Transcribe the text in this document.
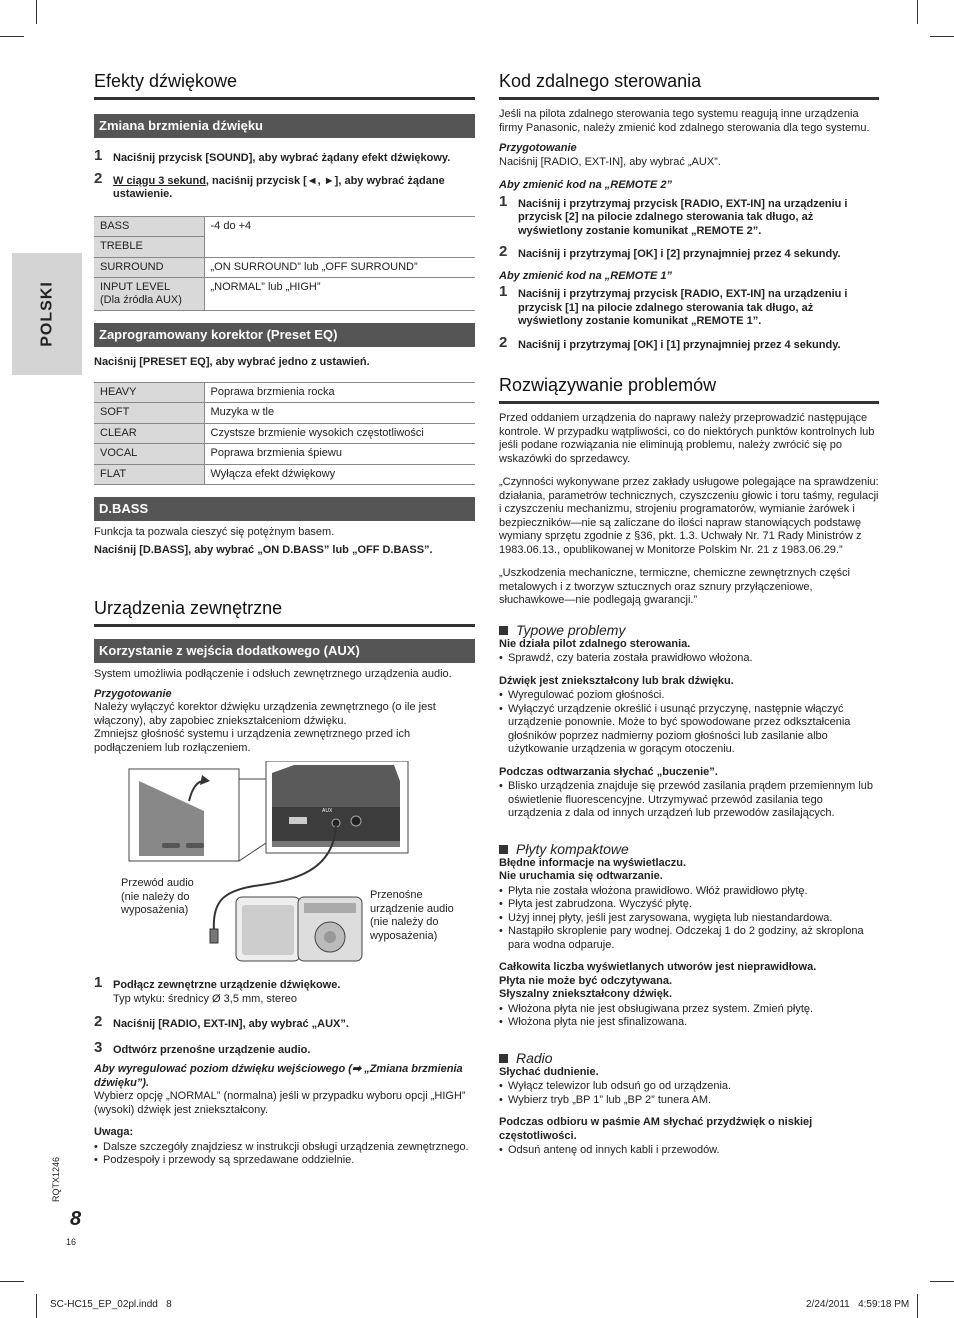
POLSKI
Efekty dźwiękowe
Zmiana brzmienia dźwięku
1 Naciśnij przycisk [SOUND], aby wybrać żądany efekt dźwiękowy.
2 W ciągu 3 sekund, naciśnij przycisk [◄, ►], aby wybrać żądane ustawienie.
BASS	-4 do +4
TREBLE	
SURROUND	„ON SURROUND” lub „OFF SURROUND”
INPUT LEVEL
(Dla źródła AUX)	„NORMAL” lub „HIGH”
Zaprogramowany korektor (Preset EQ)

Naciśnij [PRESET EQ], aby wybrać jedno z ustawień.

HEAVY	Poprawa brzmienia rocka
SOFT	Muzyka w tle
CLEAR	Czystsze brzmienie wysokich częstotliwości
VOCAL	Poprawa brzmienia śpiewu
FLAT	Wyłącza efekt dźwiękowy
D.BASS

Funkcja ta pozwala cieszyć się potężnym basem.

Naciśnij [D.BASS], aby wybrać „ON D.BASS” lub „OFF D.BASS”.

Urządzenia zewnętrzne
Korzystanie z wejścia dodatkowego (AUX)

System umożliwia podłączenie i odsłuch zewnętrznego urządzenia audio.

Przygotowanie

Należy wyłączyć korektor dźwięku urządzenia zewnętrznego (o ile jest włączony), aby zapobiec zniekształceniom dźwięku.

Zmniejsz głośność systemu i urządzenia zewnętrznego przed ich podłączeniem lub rozłączeniem.

AUX
Przewód audio
(nie należy do
wyposażenia)
Przenośne
urządzenie audio
(nie należy do
wyposażenia)
1 Podłącz zewnętrzne urządzenie dźwiękowe.
Typ wtyku: średnicy Ø 3,5 mm, stereo
2 Naciśnij [RADIO, EXT-IN], aby wybrać „AUX”.
3 Odtwórz przenośne urządzenie audio.

Aby wyregulować poziom dźwięku wejściowego (➡ „Zmiana brzmienia dźwięku”).

Wybierz opcję „NORMAL” (normalna) jeśli w przypadku wyboru opcji „HIGH” (wysoki) dźwięk jest zniekształcony.

Uwaga:

• Dalsze szczegóły znajdziesz w instrukcji obsługi urządzenia zewnętrznego.
• Podzespoły i przewody są sprzedawane oddzielnie.
Kod zdalnego sterowania

Jeśli na pilota zdalnego sterowania tego systemu reagują inne urządzenia firmy Panasonic, należy zmienić kod zdalnego sterowania dla tego systemu.

Przygotowanie

Naciśnij [RADIO, EXT-IN], aby wybrać „AUX”.

Aby zmienić kod na „REMOTE 2”

1 Naciśnij i przytrzymaj przycisk [RADIO, EXT-IN] na urządzeniu i przycisk [2] na pilocie zdalnego sterowania tak długo, aż wyświetlony zostanie komunikat „REMOTE 2”.
2 Naciśnij i przytrzymaj [OK] i [2] przynajmniej przez 4 sekundy.

Aby zmienić kod na „REMOTE 1”

1 Naciśnij i przytrzymaj przycisk [RADIO, EXT-IN] na urządzeniu i przycisk [1] na pilocie zdalnego sterowania tak długo, aż wyświetlony zostanie komunikat „REMOTE 1”.
2 Naciśnij i przytrzymaj [OK] i [1] przynajmniej przez 4 sekundy.
Rozwiązywanie problemów

Przed oddaniem urządzenia do naprawy należy przeprowadzić następujące kontrole. W przypadku wątpliwości, co do niektórych punktów kontrolnych lub jeśli podane rozwiązania nie eliminują problemu, należy zwrócić się po wskazówki do sprzedawcy.

„Czynności wykonywane przez zakłady usługowe polegające na sprawdzeniu: działania, parametrów technicznych, czyszczeniu głowic i toru taśmy, regulacji i czyszczeniu mechanizmu, strojeniu programatorów, wymianie żarówek i bezpieczników—nie są zaliczane do ilości napraw stanowiących podstawę wymiany sprzętu zgodnie z §36, pkt. 1.3. Uchwały Nr. 71 Rady Ministrów z 1983.06.13., opublikowanej w Monitorze Polskim Nr. 21 z 1983.06.29.”

„Uszkodzenia mechaniczne, termiczne, chemiczne zewnętrznych części metalowych i z tworzyw sztucznych oraz sznury przyłączeniowe, słuchawkowe—nie podlegają gwarancji.”

Typowe problemy

Nie działa pilot zdalnego sterowania.

• Sprawdź, czy bateria została prawidłowo włożona.

Dźwięk jest zniekształcony lub brak dźwięku.

• Wyregulować poziom głośności.
• Wyłączyć urządzenie określić i usunąć przyczynę, następnie włączyć urządzenie ponownie. Może to być spowodowane przez odkształcenia głośników poprzez nadmierny poziom głośności lub zasilanie albo użytkowanie urządzenia w gorącym otoczeniu.

Podczas odtwarzania słychać „buczenie”.

• Blisko urządzenia znajduje się przewód zasilania prądem przemiennym lub oświetlenie fluorescencyjne. Utrzymywać przewód zasilania tego urządzenia z dala od innych urządzeń lub przewodów zasilających.
Płyty kompaktowe

Błędne informacje na wyświetlaczu.
Nie uruchamia się odtwarzanie.

• Płyta nie została włożona prawidłowo. Włóż prawidłowo płytę.
• Płyta jest zabrudzona. Wyczyść płytę.
• Użyj innej płyty, jeśli jest zarysowana, wygięta lub niestandardowa.
• Nastąpiło skroplenie pary wodnej. Odczekaj 1 do 2 godziny, aż skroplona para wodna odparuje.

Całkowita liczba wyświetlanych utworów jest nieprawidłowa.
Płyta nie może być odczytywana.
Słyszalny zniekształcony dźwięk.

• Włożona płyta nie jest obsługiwana przez system. Zmień płytę.
• Włożona płyta nie jest sfinalizowana.
Radio

Słychać dudnienie.

• Wyłącz telewizor lub odsuń go od urządzenia.
• Wybierz tryb „BP 1” lub „BP 2” tunera AM.

Podczas odbioru w paśmie AM słychać przydźwięk o niskiej częstotliwości.

• Odsuń antenę od innych kabli i przewodów.
RQTX1246
8
16
SC-HC15_EP_02pl.indd   8	2/24/2011   4:59:18 PM
